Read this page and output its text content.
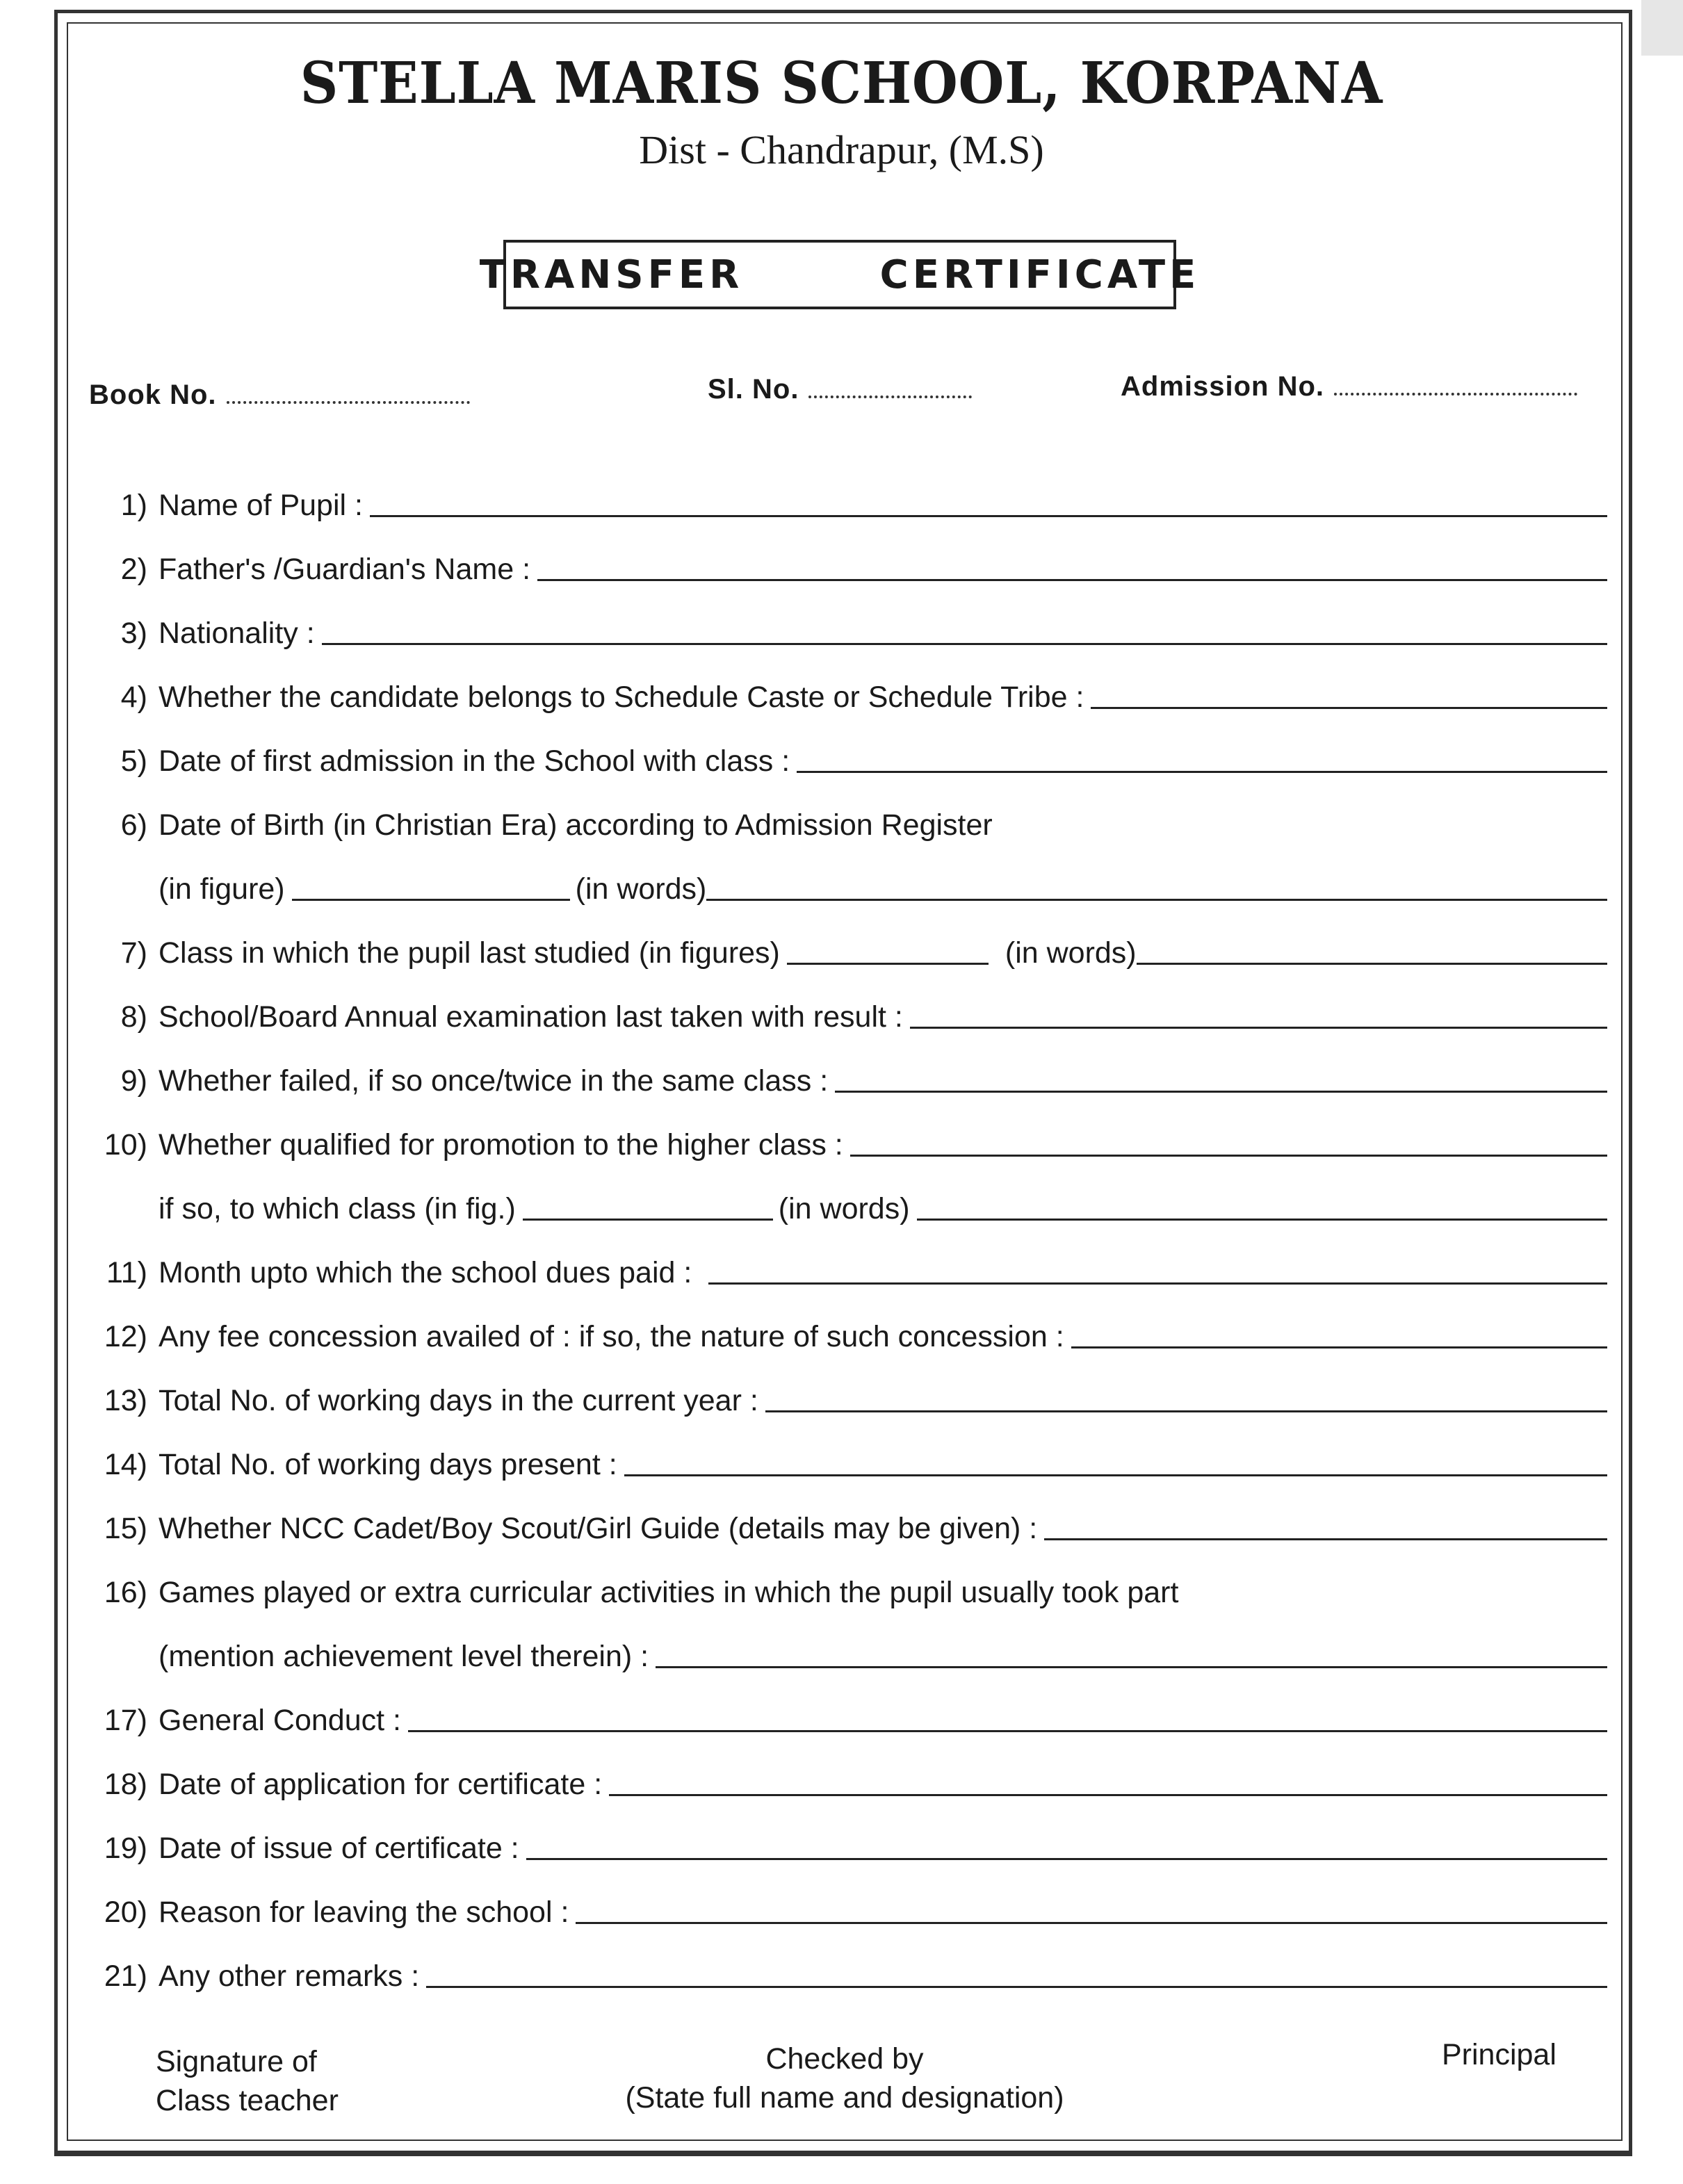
STELLA MARIS SCHOOL, KORPANA
Dist - Chandrapur, (M.S)
TRANSFER   CERTIFICATE
Book No.	Sl. No.	Admission No.
1) Name of Pupil :
2) Father's /Guardian's Name :
3) Nationality :
4) Whether the candidate belongs to Schedule Caste or Schedule Tribe :
5) Date of first admission in the School with class :
6) Date of Birth (in Christian Era) according to Admission Register
(in figure)	(in words)
7) Class in which the pupil last studied (in figures)	(in words)
8) School/Board Annual examination last taken with result :
9) Whether failed, if so once/twice in the same class :
10) Whether qualified for promotion to the higher class :
if so, to which class (in fig.)	(in words)
11) Month upto which the school dues paid :
12) Any fee concession availed of : if so, the nature of such concession :
13) Total No. of working days in the current year :
14) Total No. of working days present :
15) Whether NCC Cadet/Boy Scout/Girl Guide (details may be given) :
16) Games played or extra curricular activities in which the pupil usually took part
(mention achievement level therein) :
17) General Conduct :
18) Date of application for certificate :
19) Date of issue of certificate :
20) Reason for leaving the school :
21) Any other remarks :
Signature of
Class teacher
Checked by
(State full name and designation)
Principal
